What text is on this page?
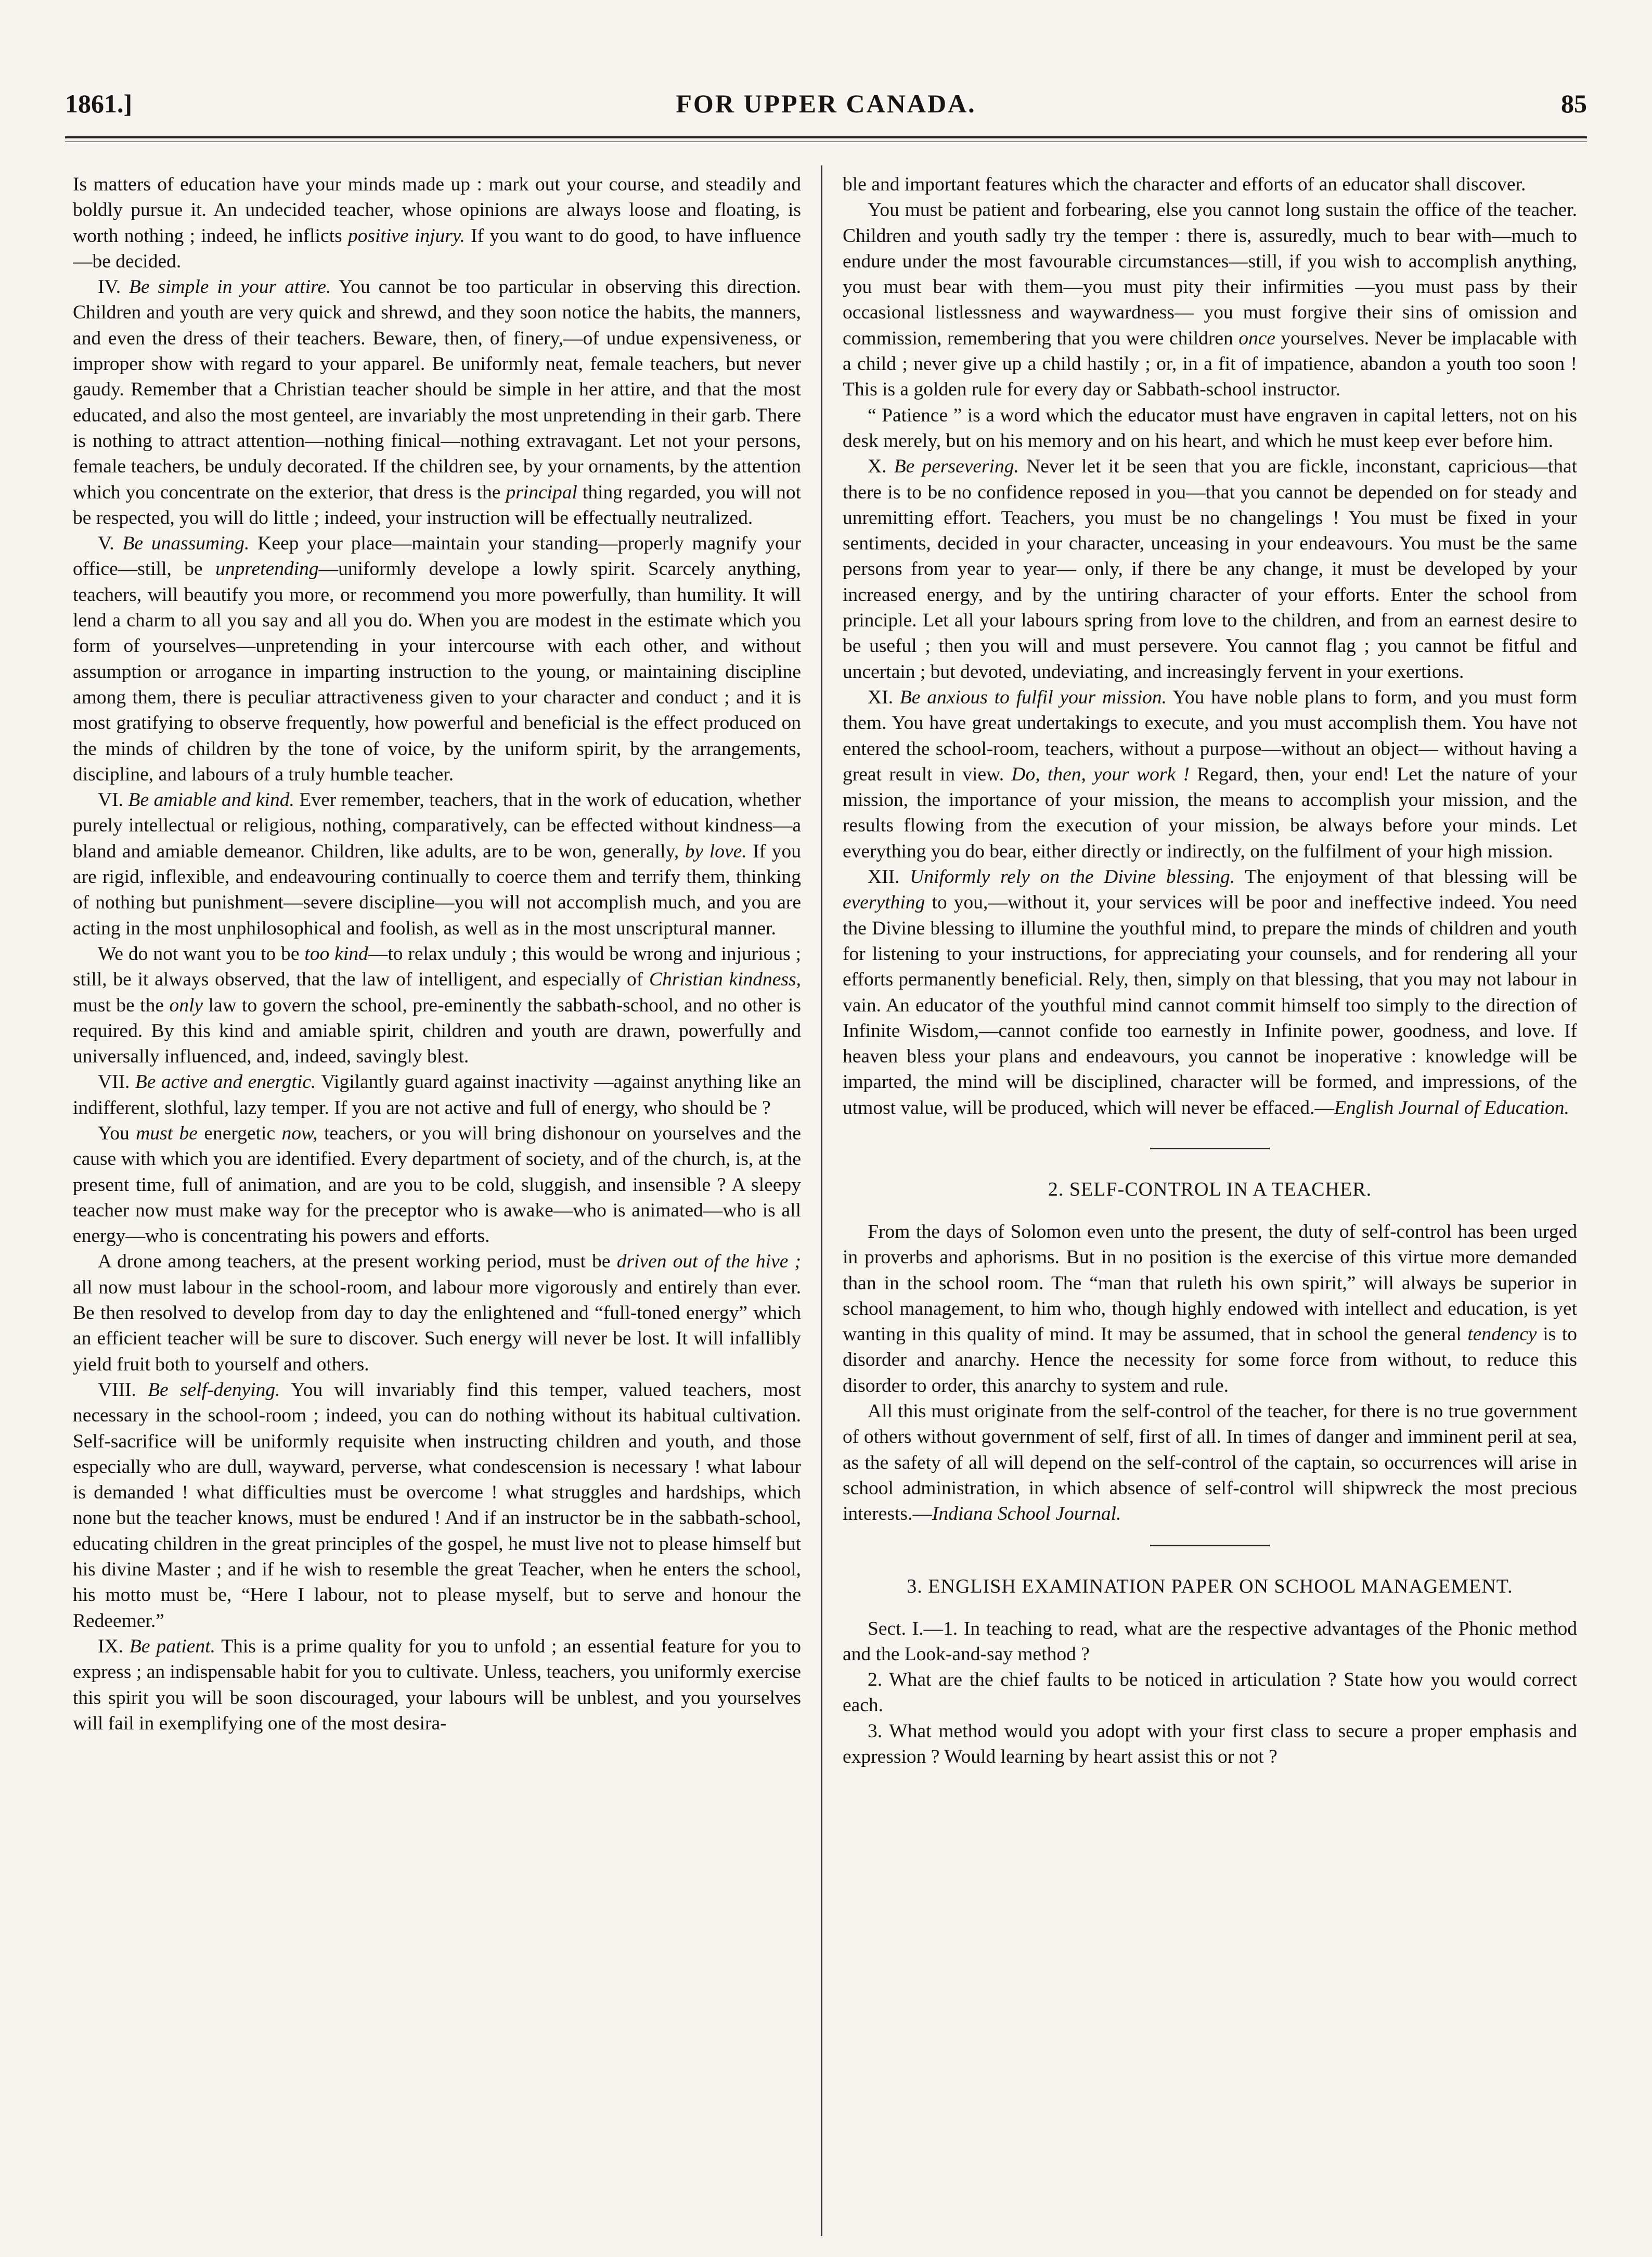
1861.]	FOR UPPER CANADA.	85

Is matters of education have your minds made up : mark out your course, and steadily and boldly pursue it. An undecided teacher, whose opinions are always loose and floating, is worth nothing ; indeed, he inflicts positive injury. If you want to do good, to have influence—be decided.

IV. Be simple in your attire. You cannot be too particular in observing this direction. Children and youth are very quick and shrewd, and they soon notice the habits, the manners, and even the dress of their teachers. Beware, then, of finery,—of undue expensiveness, or improper show with regard to your apparel. Be uniformly neat, female teachers, but never gaudy. Remember that a Christian teacher should be simple in her attire, and that the most educated, and also the most genteel, are invariably the most unpretending in their garb. There is nothing to attract attention—nothing finical—nothing extravagant. Let not your persons, female teachers, be unduly decorated. If the children see, by your ornaments, by the attention which you concentrate on the exterior, that dress is the principal thing regarded, you will not be respected, you will do little ; indeed, your instruction will be effectually neutralized.

V. Be unassuming. Keep your place—maintain your standing—properly magnify your office—still, be unpretending—uniformly develope a lowly spirit. Scarcely anything, teachers, will beautify you more, or recommend you more powerfully, than humility. It will lend a charm to all you say and all you do. When you are modest in the estimate which you form of yourselves—unpretending in your intercourse with each other, and without assumption or arrogance in imparting instruction to the young, or maintaining discipline among them, there is peculiar attractiveness given to your character and conduct ; and it is most gratifying to observe frequently, how powerful and beneficial is the effect produced on the minds of children by the tone of voice, by the uniform spirit, by the arrangements, discipline, and labours of a truly humble teacher.

VI. Be amiable and kind. Ever remember, teachers, that in the work of education, whether purely intellectual or religious, nothing, comparatively, can be effected without kindness—a bland and amiable demeanor. Children, like adults, are to be won, generally, by love. If you are rigid, inflexible, and endeavouring continually to coerce them and terrify them, thinking of nothing but punishment—severe discipline—you will not accomplish much, and you are acting in the most unphilosophical and foolish, as well as in the most unscriptural manner.

We do not want you to be too kind—to relax unduly ; this would be wrong and injurious ; still, be it always observed, that the law of intelligent, and especially of Christian kindness, must be the only law to govern the school, pre-eminently the sabbath-school, and no other is required. By this kind and amiable spirit, children and youth are drawn, powerfully and universally influenced, and, indeed, savingly blest.

VII. Be active and energtic. Vigilantly guard against inactivity —against anything like an indifferent, slothful, lazy temper. If you are not active and full of energy, who should be ?

You must be energetic now, teachers, or you will bring dishonour on yourselves and the cause with which you are identified. Every department of society, and of the church, is, at the present time, full of animation, and are you to be cold, sluggish, and insensible ? A sleepy teacher now must make way for the preceptor who is awake—who is animated—who is all energy—who is concentrating his powers and efforts.

A drone among teachers, at the present working period, must be driven out of the hive ; all now must labour in the school-room, and labour more vigorously and entirely than ever. Be then resolved to develop from day to day the enlightened and “full-toned energy” which an efficient teacher will be sure to discover. Such energy will never be lost. It will infallibly yield fruit both to yourself and others.

VIII. Be self-denying. You will invariably find this temper, valued teachers, most necessary in the school-room ; indeed, you can do nothing without its habitual cultivation. Self-sacrifice will be uniformly requisite when instructing children and youth, and those especially who are dull, wayward, perverse, what condescension is necessary ! what labour is demanded ! what difficulties must be overcome ! what struggles and hardships, which none but the teacher knows, must be endured ! And if an instructor be in the sabbath-school, educating children in the great principles of the gospel, he must live not to please himself but his divine Master ; and if he wish to resemble the great Teacher, when he enters the school, his motto must be, “Here I labour, not to please myself, but to serve and honour the Redeemer.”

IX. Be patient. This is a prime quality for you to unfold ; an essential feature for you to express ; an indispensable habit for you to cultivate. Unless, teachers, you uniformly exercise this spirit you will be soon discouraged, your labours will be unblest, and you yourselves will fail in exemplifying one of the most desira-

ble and important features which the character and efforts of an educator shall discover.

You must be patient and forbearing, else you cannot long sustain the office of the teacher. Children and youth sadly try the temper : there is, assuredly, much to bear with—much to endure under the most favourable circumstances—still, if you wish to accomplish anything, you must bear with them—you must pity their infirmities —you must pass by their occasional listlessness and waywardness— you must forgive their sins of omission and commission, remembering that you were children once yourselves. Never be implacable with a child ; never give up a child hastily ; or, in a fit of impatience, abandon a youth too soon ! This is a golden rule for every day or Sabbath-school instructor.

“ Patience ” is a word which the educator must have engraven in capital letters, not on his desk merely, but on his memory and on his heart, and which he must keep ever before him.

X. Be persevering. Never let it be seen that you are fickle, inconstant, capricious—that there is to be no confidence reposed in you—that you cannot be depended on for steady and unremitting effort. Teachers, you must be no changelings ! You must be fixed in your sentiments, decided in your character, unceasing in your endeavours. You must be the same persons from year to year— only, if there be any change, it must be developed by your increased energy, and by the untiring character of your efforts. Enter the school from principle. Let all your labours spring from love to the children, and from an earnest desire to be useful ; then you will and must persevere. You cannot flag ; you cannot be fitful and uncertain ; but devoted, undeviating, and increasingly fervent in your exertions.

XI. Be anxious to fulfil your mission. You have noble plans to form, and you must form them. You have great undertakings to execute, and you must accomplish them. You have not entered the school-room, teachers, without a purpose—without an object— without having a great result in view. Do, then, your work ! Regard, then, your end! Let the nature of your mission, the importance of your mission, the means to accomplish your mission, and the results flowing from the execution of your mission, be always before your minds. Let everything you do bear, either directly or indirectly, on the fulfilment of your high mission.

XII. Uniformly rely on the Divine blessing. The enjoyment of that blessing will be everything to you,—without it, your services will be poor and ineffective indeed. You need the Divine blessing to illumine the youthful mind, to prepare the minds of children and youth for listening to your instructions, for appreciating your counsels, and for rendering all your efforts permanently beneficial. Rely, then, simply on that blessing, that you may not labour in vain. An educator of the youthful mind cannot commit himself too simply to the direction of Infinite Wisdom,—cannot confide too earnestly in Infinite power, goodness, and love. If heaven bless your plans and endeavours, you cannot be inoperative : knowledge will be imparted, the mind will be disciplined, character will be formed, and impressions, of the utmost value, will be produced, which will never be effaced.—English Journal of Education.

2. SELF-CONTROL IN A TEACHER.

From the days of Solomon even unto the present, the duty of self-control has been urged in proverbs and aphorisms. But in no position is the exercise of this virtue more demanded than in the school room. The “man that ruleth his own spirit,” will always be superior in school management, to him who, though highly endowed with intellect and education, is yet wanting in this quality of mind. It may be assumed, that in school the general tendency is to disorder and anarchy. Hence the necessity for some force from without, to reduce this disorder to order, this anarchy to system and rule.

All this must originate from the self-control of the teacher, for there is no true government of others without government of self, first of all. In times of danger and imminent peril at sea, as the safety of all will depend on the self-control of the captain, so occurrences will arise in school administration, in which absence of self-control will shipwreck the most precious interests.—Indiana School Journal.

3. ENGLISH EXAMINATION PAPER ON SCHOOL MANAGEMENT.

Sect. I.—1. In teaching to read, what are the respective advantages of the Phonic method and the Look-and-say method ?

2. What are the chief faults to be noticed in articulation ? State how you would correct each.

3. What method would you adopt with your first class to secure a proper emphasis and expression ? Would learning by heart assist this or not ?
